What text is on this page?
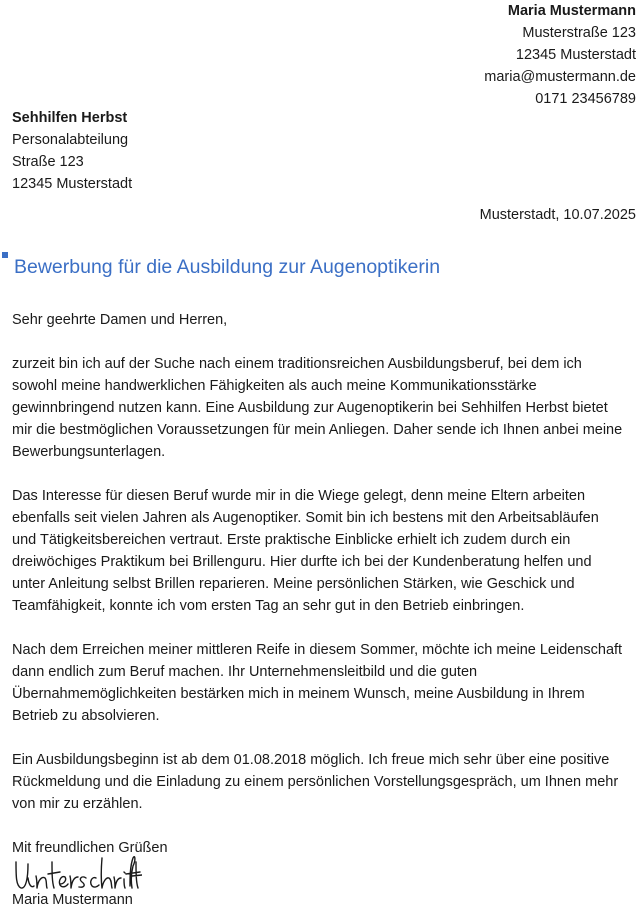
Maria Mustermann
Musterstraße 123
12345 Musterstadt
maria@mustermann.de
0171 23456789
Sehhilfen Herbst
Personalabteilung
Straße 123
12345 Musterstadt
Musterstadt, 10.07.2025
Bewerbung für die Ausbildung zur Augenoptikerin

Sehr geehrte Damen und Herren,

zurzeit bin ich auf der Suche nach einem traditionsreichen Ausbildungsberuf, bei dem ich
sowohl meine handwerklichen Fähigkeiten als auch meine Kommunikationsstärke
gewinnbringend nutzen kann. Eine Ausbildung zur Augenoptikerin bei Sehhilfen Herbst bietet
mir die bestmöglichen Voraussetzungen für mein Anliegen. Daher sende ich Ihnen anbei meine
Bewerbungsunterlagen.

Das Interesse für diesen Beruf wurde mir in die Wiege gelegt, denn meine Eltern arbeiten
ebenfalls seit vielen Jahren als Augenoptiker. Somit bin ich bestens mit den Arbeitsabläufen
und Tätigkeitsbereichen vertraut. Erste praktische Einblicke erhielt ich zudem durch ein
dreiwöchiges Praktikum bei Brillenguru. Hier durfte ich bei der Kundenberatung helfen und
unter Anleitung selbst Brillen reparieren. Meine persönlichen Stärken, wie Geschick und
Teamfähigkeit, konnte ich vom ersten Tag an sehr gut in den Betrieb einbringen.

Nach dem Erreichen meiner mittleren Reife in diesem Sommer, möchte ich meine Leidenschaft
dann endlich zum Beruf machen. Ihr Unternehmensleitbild und die guten
Übernahmemöglichkeiten bestärken mich in meinem Wunsch, meine Ausbildung in Ihrem
Betrieb zu absolvieren.

Ein Ausbildungsbeginn ist ab dem 01.08.2018 möglich. Ich freue mich sehr über eine positive
Rückmeldung und die Einladung zu einem persönlichen Vorstellungsgespräch, um Ihnen mehr
von mir zu erzählen.

Mit freundlichen Grüßen

Maria Mustermann
